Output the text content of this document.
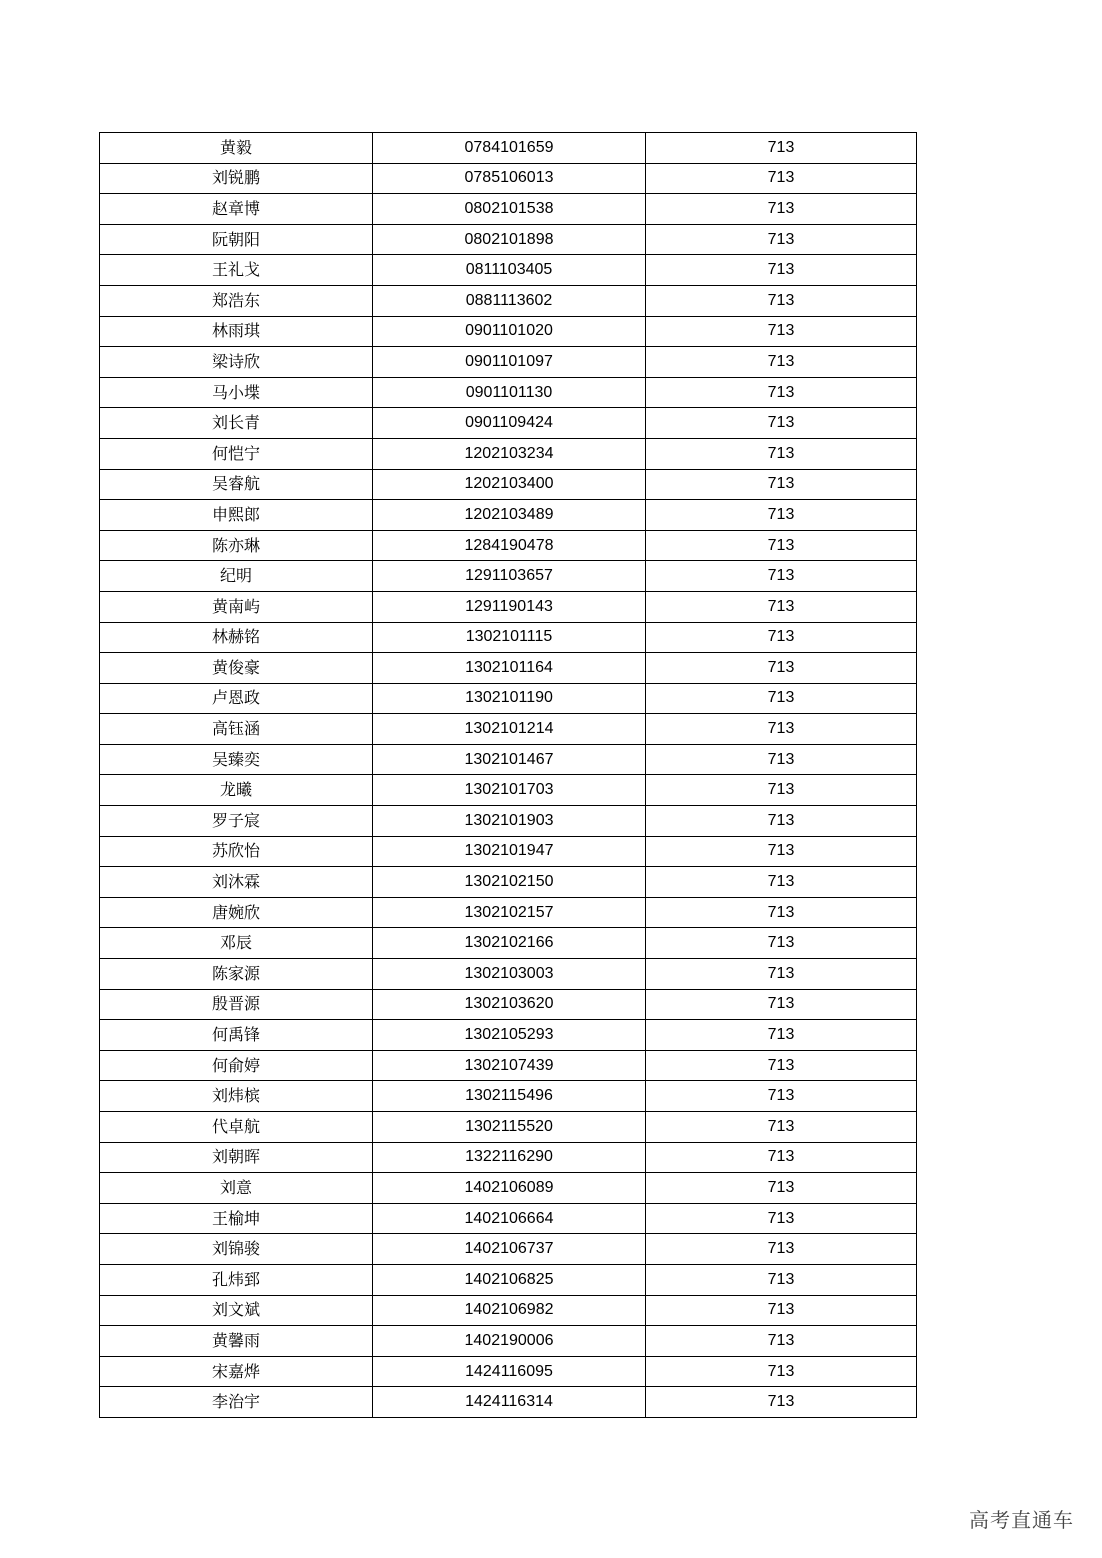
黄毅	0784101659	713
刘锐鹏	0785106013	713
赵章博	0802101538	713
阮朝阳	0802101898	713
王礼戈	0811103405	713
郑浩东	0881113602	713
林雨琪	0901101020	713
梁诗欣	0901101097	713
马小堞	0901101130	713
刘长青	0901109424	713
何恺宁	1202103234	713
吴睿航	1202103400	713
申熙郎	1202103489	713
陈亦琳	1284190478	713
纪明	1291103657	713
黄南屿	1291190143	713
林赫铭	1302101115	713
黄俊豪	1302101164	713
卢恩政	1302101190	713
高钰涵	1302101214	713
吴臻奕	1302101467	713
龙曦	1302101703	713
罗子宸	1302101903	713
苏欣怡	1302101947	713
刘沐霖	1302102150	713
唐婉欣	1302102157	713
邓辰	1302102166	713
陈家源	1302103003	713
殷晋源	1302103620	713
何禹锋	1302105293	713
何俞婷	1302107439	713
刘炜槟	1302115496	713
代卓航	1302115520	713
刘朝晖	1322116290	713
刘意	1402106089	713
王榆坤	1402106664	713
刘锦骏	1402106737	713
孔炜郅	1402106825	713
刘文斌	1402106982	713
黄馨雨	1402190006	713
宋嘉烨	1424116095	713
李治宇	1424116314	713
高考直通车
